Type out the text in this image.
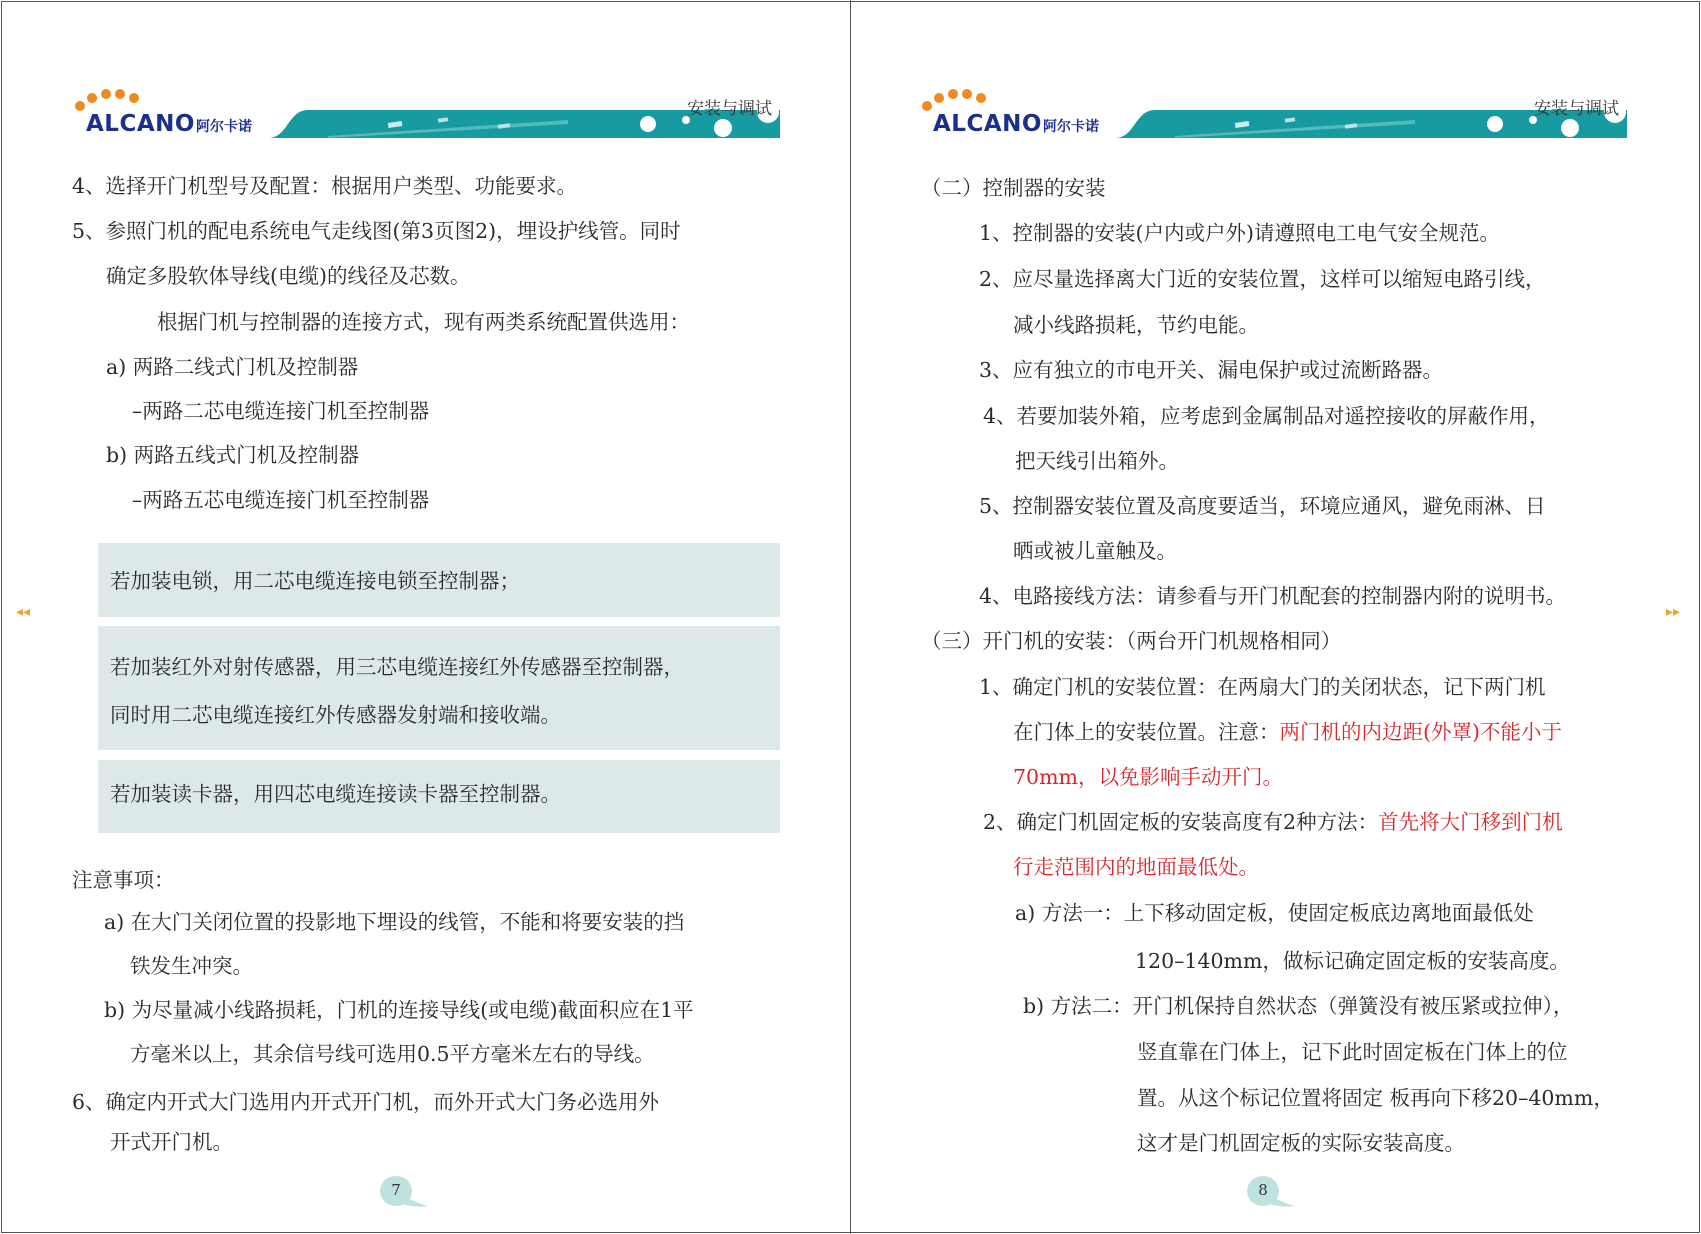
◂◂	▸▸
ALCANO 阿尔卡诺
安装与调试
4、选择开门机型号及配置：根据用户类型、功能要求。
5、参照门机的配电系统电气走线图(第3页图2)，埋设护线管。同时
确定多股软体导线(电缆)的线径及芯数。
根据门机与控制器的连接方式，现有两类系统配置供选用：
a) 两路二线式门机及控制器
–两路二芯电缆连接门机至控制器
b) 两路五线式门机及控制器
–两路五芯电缆连接门机至控制器
若加装电锁，用二芯电缆连接电锁至控制器；
若加装红外对射传感器，用三芯电缆连接红外传感器至控制器，
同时用二芯电缆连接红外传感器发射端和接收端。
若加装读卡器，用四芯电缆连接读卡器至控制器。
注意事项：
a) 在大门关闭位置的投影地下埋设的线管，不能和将要安装的挡
铁发生冲突。
b) 为尽量减小线路损耗，门机的连接导线(或电缆)截面积应在1平
方毫米以上，其余信号线可选用0.5平方毫米左右的导线。
6、确定内开式大门选用内开式开门机，而外开式大门务必选用外
开式开门机。
7
ALCANO 阿尔卡诺
安装与调试
（二）控制器的安装
1、控制器的安装(户内或户外)请遵照电工电气安全规范。
2、应尽量选择离大门近的安装位置，这样可以缩短电路引线，
减小线路损耗，节约电能。
3、应有独立的市电开关、漏电保护或过流断路器。
4、若要加装外箱，应考虑到金属制品对遥控接收的屏蔽作用，
把天线引出箱外。
5、控制器安装位置及高度要适当，环境应通风，避免雨淋、日
晒或被儿童触及。
4、电路接线方法：请参看与开门机配套的控制器内附的说明书。
（三）开门机的安装：（两台开门机规格相同）
1、确定门机的安装位置：在两扇大门的关闭状态，记下两门机
在门体上的安装位置。注意：两门机的内边距(外罩)不能小于
70mm，以免影响手动开门。
2、确定门机固定板的安装高度有2种方法：首先将大门移到门机
行走范围内的地面最低处。
a) 方法一：上下移动固定板，使固定板底边离地面最低处
120–140mm，做标记确定固定板的安装高度。
b) 方法二：开门机保持自然状态（弹簧没有被压紧或拉伸），
竖直靠在门体上，记下此时固定板在门体上的位
置。从这个标记位置将固定 板再向下移20–40mm，
这才是门机固定板的实际安装高度。
8
